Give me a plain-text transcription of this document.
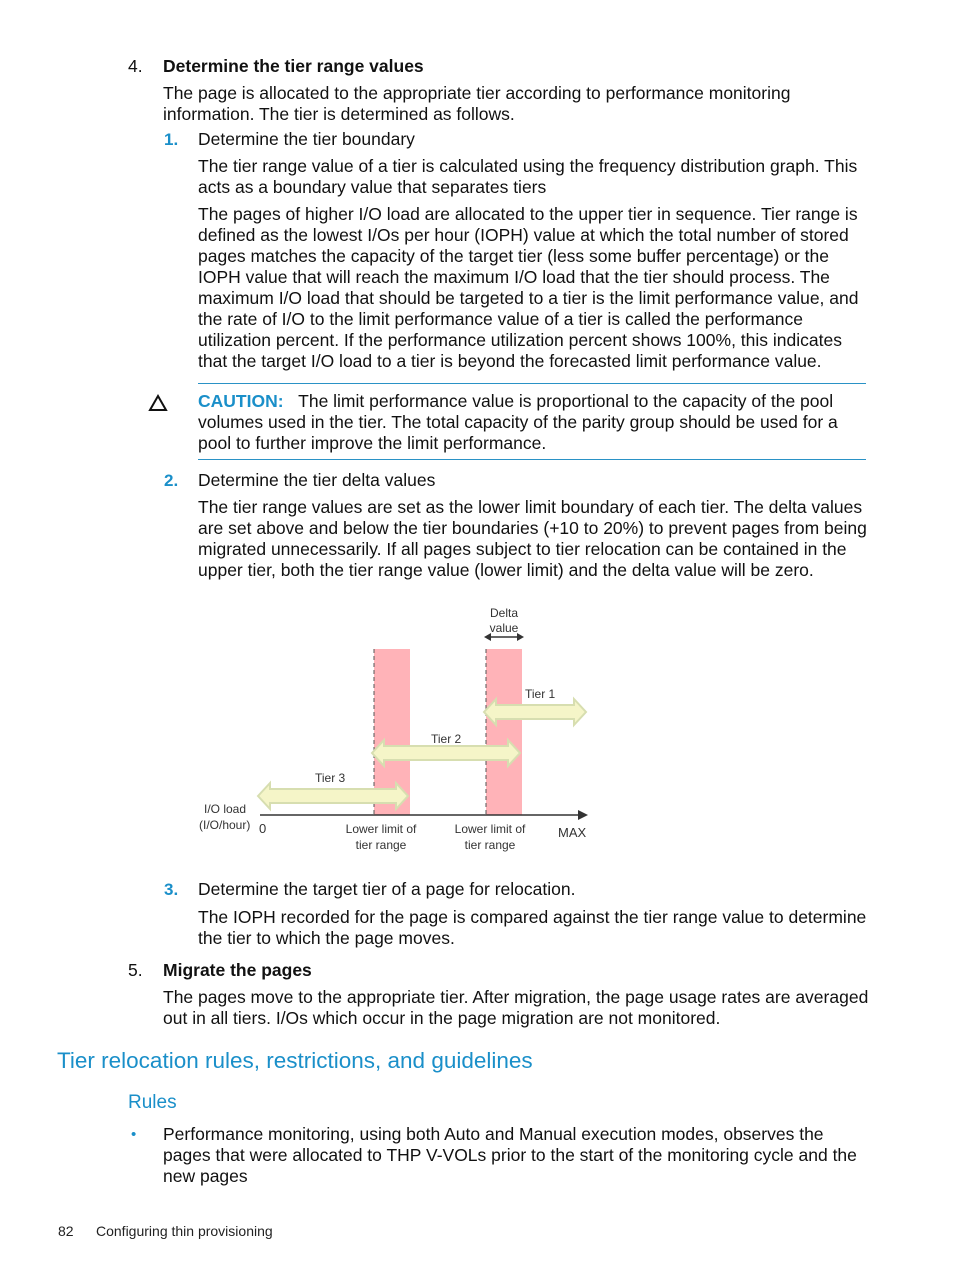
4. Determine the tier range values
The page is allocated to the appropriate tier according to performance monitoring information. The tier is determined as follows.
1. Determine the tier boundary
The tier range value of a tier is calculated using the frequency distribution graph. This acts as a boundary value that separates tiers
The pages of higher I/O load are allocated to the upper tier in sequence. Tier range is defined as the lowest I/Os per hour (IOPH) value at which the total number of stored pages matches the capacity of the target tier (less some buffer percentage) or the IOPH value that will reach the maximum I/O load that the tier should process. The maximum I/O load that should be targeted to a tier is the limit performance value, and the rate of I/O to the limit performance value of a tier is called the performance utilization percent. If the performance utilization percent shows 100%, this indicates that the target I/O load to a tier is beyond the forecasted limit performance value.
CAUTION: The limit performance value is proportional to the capacity of the pool volumes used in the tier. The total capacity of the parity group should be used for a pool to further improve the limit performance.
2. Determine the tier delta values
The tier range values are set as the lower limit boundary of each tier. The delta values are set above and below the tier boundaries (+10 to 20%) to prevent pages from being migrated unnecessarily. If all pages subject to tier relocation can be contained in the upper tier, both the tier range value (lower limit) and the delta value will be zero.
Delta
value
Tier 1
Tier 2
Tier 3
I/O load
(I/O/hour) 0	MAX
Lower limit of
tier range
Lower limit of
tier range
3. Determine the target tier of a page for relocation.
The IOPH recorded for the page is compared against the tier range value to determine the tier to which the page moves.
5. Migrate the pages
The pages move to the appropriate tier. After migration, the page usage rates are averaged out in all tiers. I/Os which occur in the page migration are not monitored.
Tier relocation rules, restrictions, and guidelines
Rules
• Performance monitoring, using both Auto and Manual execution modes, observes the pages that were allocated to THP V-VOLs prior to the start of the monitoring cycle and the new pages
82 Configuring thin provisioning
